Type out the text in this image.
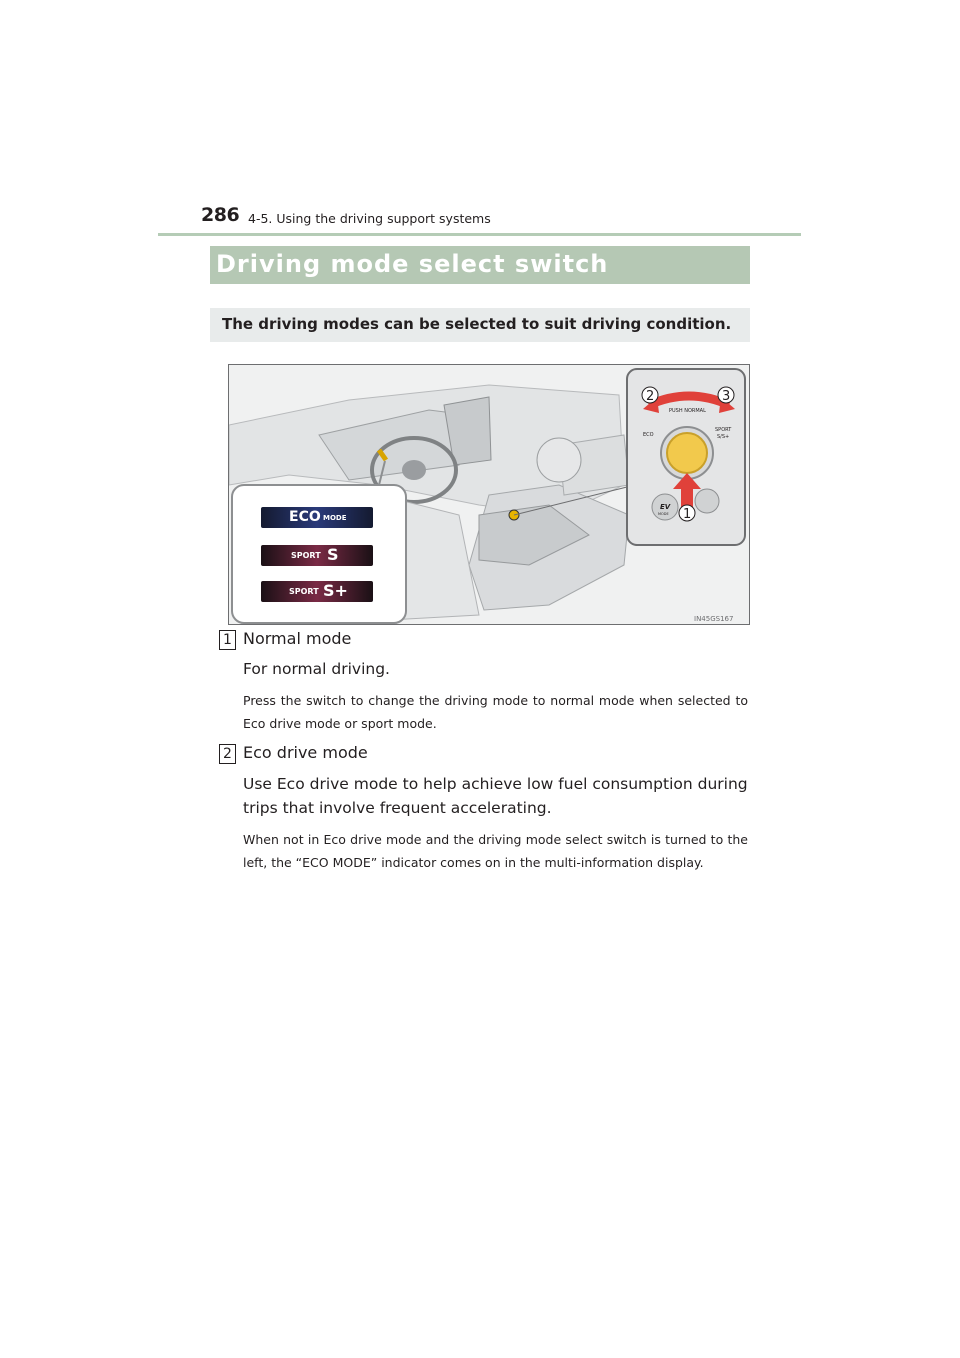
286 4-5. Using the driving support systems
Driving mode select switch
The driving modes can be selected to suit driving condition.
PUSH NORMAL
ECO
SPORT
S/S+
EV
MODE
2	3
1
IN45GS167
ECO MODE
SPORT S
SPORT S+
1 Normal mode
For normal driving.
Press the switch to change the driving mode to normal mode when selected to Eco drive mode or sport mode.
2 Eco drive mode
Use Eco drive mode to help achieve low fuel consumption during trips that involve frequent accelerating.
When not in Eco drive mode and the driving mode select switch is turned to the left, the “ECO MODE” indicator comes on in the multi-information display.
